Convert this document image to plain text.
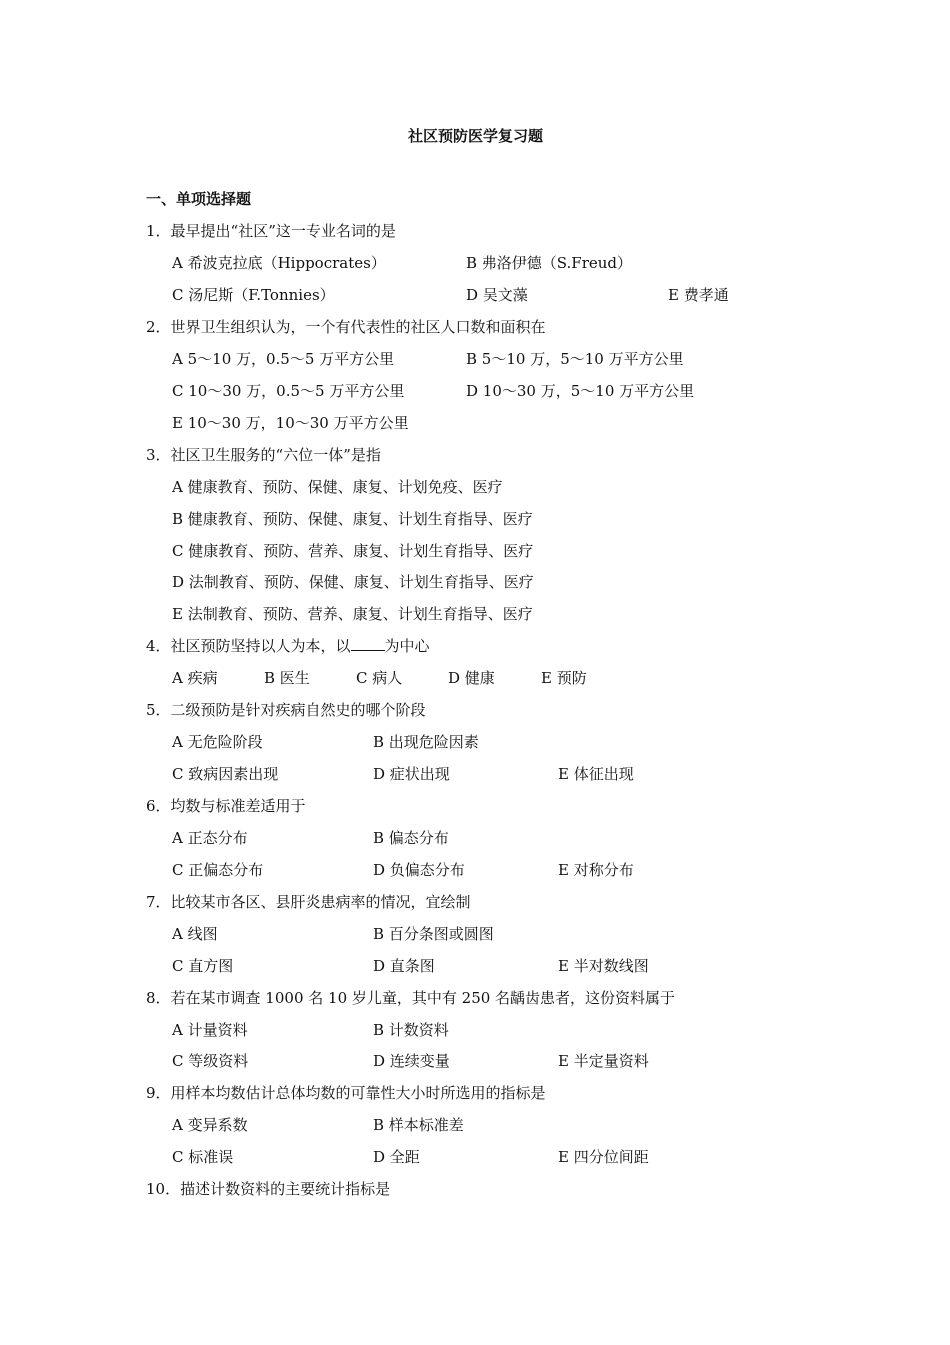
社区预防医学复习题
一、单项选择题
1．最早提出“社区”这一专业名词的是
A 希波克拉底（Hippocrates）	B 弗洛伊德（S.Freud）
C 汤尼斯（F.Tonnies）	D 吴文藻	E 费孝通
2．世界卫生组织认为，一个有代表性的社区人口数和面积在
A 5～10 万，0.5～5 万平方公里	B 5～10 万，5～10 万平方公里
C 10～30 万，0.5～5 万平方公里	D 10～30 万，5～10 万平方公里
E 10～30 万，10～30 万平方公里
3．社区卫生服务的“六位一体”是指
A 健康教育、预防、保健、康复、计划免疫、医疗
B 健康教育、预防、保健、康复、计划生育指导、医疗
C 健康教育、预防、营养、康复、计划生育指导、医疗
D 法制教育、预防、保健、康复、计划生育指导、医疗
E 法制教育、预防、营养、康复、计划生育指导、医疗
4．社区预防坚持以人为本，以 为中心
A 疾病	B 医生	C 病人	D 健康	E 预防
5．二级预防是针对疾病自然史的哪个阶段
A 无危险阶段	B 出现危险因素
C 致病因素出现	D 症状出现	E 体征出现
6．均数与标准差适用于
A 正态分布	B 偏态分布
C 正偏态分布	D 负偏态分布	E 对称分布
7．比较某市各区、县肝炎患病率的情况，宜绘制
A 线图	B 百分条图或圆图
C 直方图	D 直条图	E 半对数线图
8．若在某市调查 1000 名 10 岁儿童，其中有 250 名龋齿患者，这份资料属于
A 计量资料	B 计数资料
C 等级资料	D 连续变量	E 半定量资料
9．用样本均数估计总体均数的可靠性大小时所选用的指标是
A 变异系数	B 样本标准差
C 标准误	D 全距	E 四分位间距
10．描述计数资料的主要统计指标是
